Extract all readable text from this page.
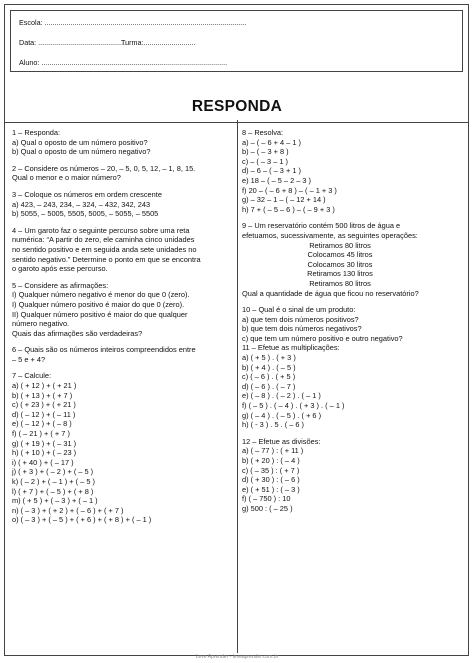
Escola: .....................................................................................................
Data: ............................................
Turma:..........................
Aluno: .............................................................................................
RESPONDA

1 – Responda:

a) Qual o oposto de um número positivo?

b) Qual o oposto de um número negativo?

2 – Considere os números – 20, – 5, 0, 5, 12, – 1, 8, 15.

Qual o menor e o maior número?

3 – Coloque os números em ordem crescente

a) 423, – 243, 234, – 324, – 432, 342, 243

b) 5055, – 5005, 5505, 5005, – 5055, – 5505

4 – Um garoto faz o seguinte percurso sobre uma reta

numérica: “A partir do zero, ele caminha cinco unidades

no sentido positivo e em seguida anda sete unidades no

sentido negativo.” Determine o ponto em que se encontra

o garoto após esse percurso.

5 – Considere as afirmações:

I) Qualquer número negativo é menor do que 0 (zero).

I) Qualquer número positivo é maior do que 0 (zero).

II) Qualquer número positivo é maior do que qualquer

número negativo.

Quais das afirmações são verdadeiras?

6 – Quais são os números inteiros compreendidos entre

– 5 e + 4?

7 – Calcule:

a) ( + 12 ) + ( + 21 )

b) ( + 13 ) + ( + 7 )

c) ( + 23 ) + ( + 21 )

d) ( – 12 ) + ( – 11 )

e) ( – 12 ) + ( – 8 )

f) ( – 21 ) + ( + 7 )

g) ( + 19 ) + ( – 31 )

h) ( + 10 ) + ( – 23 )

i) ( + 40 ) + ( – 17 )

j) ( + 3 ) + ( – 2 ) + ( – 5 )

k) ( – 2 ) + ( – 1 ) + ( – 5 )

l) ( + 7 ) + ( – 5 ) + ( + 8 )

m) ( + 5 ) + ( – 3 ) + ( – 1 )

n) ( – 3 ) + ( + 2 ) + ( – 6 ) + ( + 7 )

o) ( – 3 ) + ( – 5 ) + ( + 6 ) + ( + 8 ) + ( – 1 )

8 – Resolva:

a) – ( – 6 + 4 – 1 )

b) – ( – 3 + 8 )

c) – ( – 3 – 1 )

d) – 6 – ( – 3 + 1 )

e) 18 – ( – 5 – 2 – 3 )

f) 20 – ( – 6 + 8 ) – ( – 1 + 3 )

g) – 32 – 1 – ( – 12 + 14 )

h) 7 + ( – 5 – 6 ) – ( – 9 + 3 )

9 – Um reservatório contém 500 litros de água e

efetuamos, sucessivamente, as seguintes operações:

Retiramos 80 litros

Colocamos 45 litros

Colocamos 30 litros

Retiramos 130 litros

Retiramos 80 litros

Qual a quantidade de água que ficou no reservatório?

10 – Qual é o sinal de um produto:

a) que tem dois números positivos?

b) que tem dois números negativos?

c) que tem um número positivo e outro negativo?

11 – Efetue as multiplicações:

a) ( + 5 ) . ( + 3 )

b) ( + 4 ) . ( – 5 )

c) ( – 6 ) . ( + 5 )

d) ( – 6 ) . ( – 7 )

e) ( – 8 ) . ( – 2 ) . ( – 1 )

f) ( – 5 ) . ( – 4 ) . ( + 3 ) . ( – 1 )

g) ( – 4 ) . ( – 5 ) . ( + 6 )

h) ( - 3 ) . 5 . ( – 6 )

12 – Efetue as divisões:

a) ( – 77 ) : ( + 11 )

b) ( + 20 ) : ( – 4 )

c) ( – 35 ) : ( + 7 )

d) ( + 30 ) : ( – 6 )

e) ( + 51 ) : ( – 3 )

f) ( – 750 ) : 10

g) 500 : ( – 25 )

Leve Aprender - leveaprender.com.br
